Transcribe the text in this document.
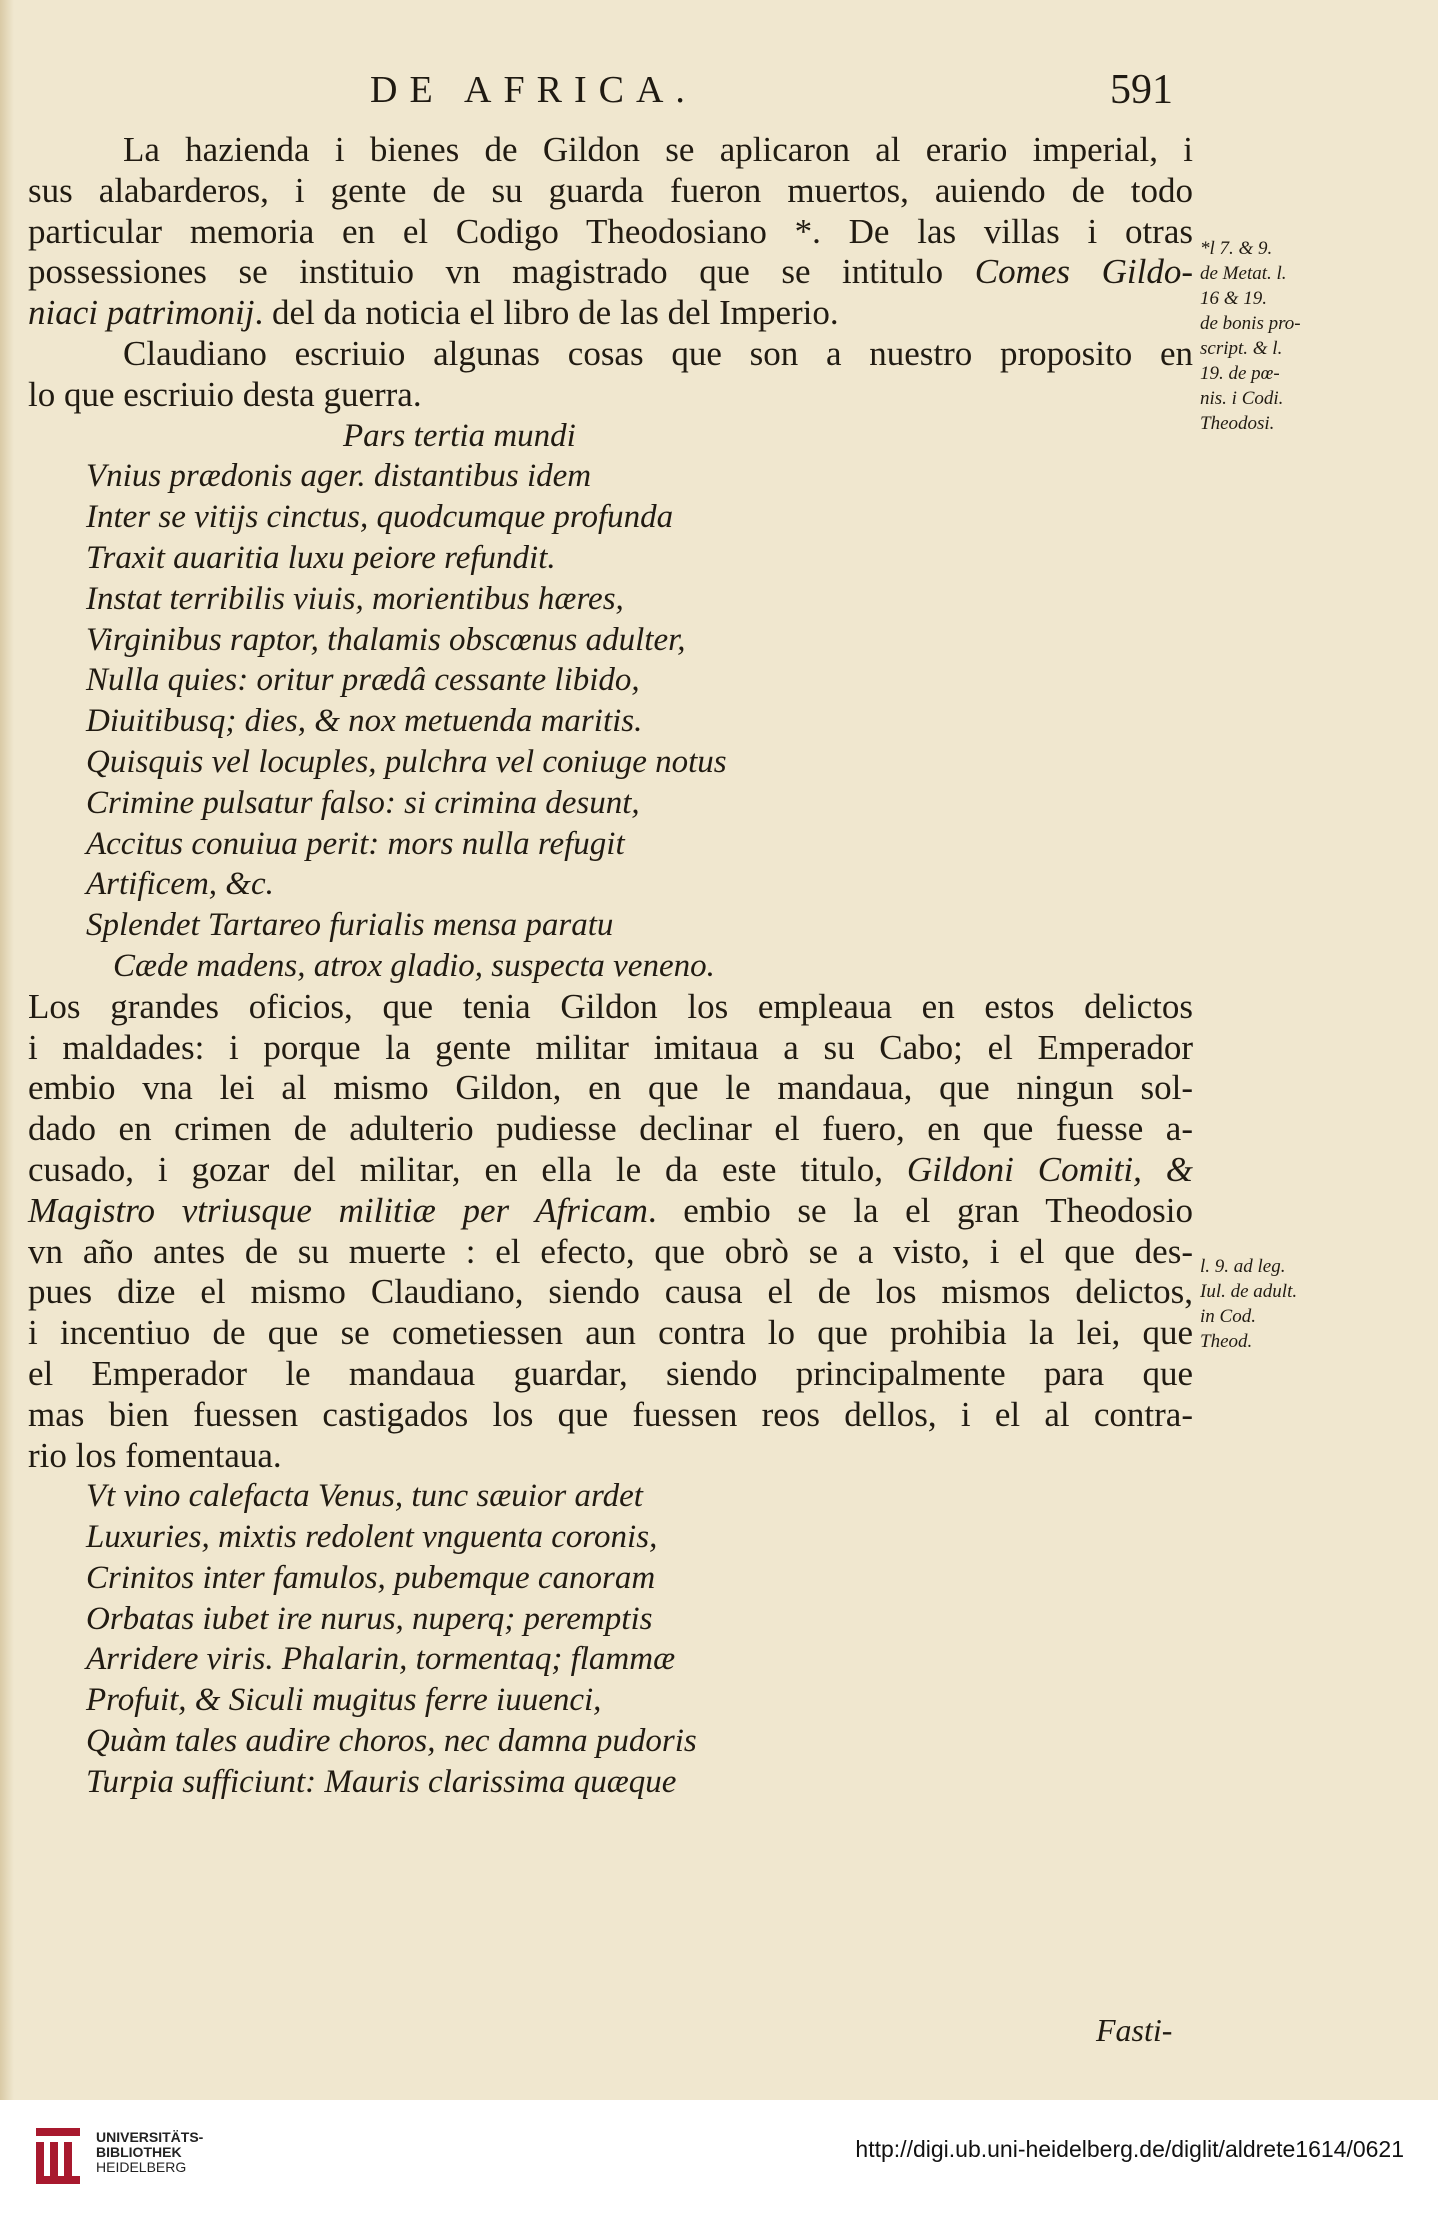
DE AFRICA.	591
La hazienda i bienes de Gildon se aplicaron al erario imperial, i
sus alabarderos, i gente de su guarda fueron muertos, auiendo de todo
particular memoria en el Codigo Theodosiano *. De las villas i otras
possessiones se instituio vn magistrado que se intitulo Comes Gildo-
niaci patrimonij. del da noticia el libro de las del Imperio.
Claudiano escriuio algunas cosas que son a nuestro proposito en
lo que escriuio desta guerra.
Pars tertia mundi
Vnius prædonis ager. distantibus idem
Inter se vitijs cinctus, quodcumque profunda
Traxit auaritia luxu peiore refundit.
Instat terribilis viuis, morientibus hæres,
Virginibus raptor, thalamis obscœnus adulter,
Nulla quies: oritur prædâ cessante libido,
Diuitibusq; dies, & nox metuenda maritis.
Quisquis vel locuples, pulchra vel coniuge notus
Crimine pulsatur falso: si crimina desunt,
Accitus conuiua perit: mors nulla refugit
Artificem, &c.
Splendet Tartareo furialis mensa paratu
Cæde madens, atrox gladio, suspecta veneno.
Los grandes oficios, que tenia Gildon los empleaua en estos delictos
i maldades: i porque la gente militar imitaua a su Cabo; el Emperador
embio vna lei al mismo Gildon, en que le mandaua, que ningun sol-
dado en crimen de adulterio pudiesse declinar el fuero, en que fuesse a-
cusado, i gozar del militar, en ella le da este titulo, Gildoni Comiti, &
Magistro vtriusque militiæ per Africam. embio se la el gran Theodosio
vn año antes de su muerte : el efecto, que obrò se a visto, i el que des-
pues dize el mismo Claudiano, siendo causa el de los mismos delictos,
i incentiuo de que se cometiessen aun contra lo que prohibia la lei, que
el Emperador le mandaua guardar, siendo principalmente para que
mas bien fuessen castigados los que fuessen reos dellos, i el al contra-
rio los fomentaua.
Vt vino calefacta Venus, tunc sæuior ardet
Luxuries, mixtis redolent vnguenta coronis,
Crinitos inter famulos, pubemque canoram
Orbatas iubet ire nurus, nuperq; peremptis
Arridere viris. Phalarin, tormentaq; flammæ
Profuit, & Siculi mugitus ferre iuuenci,
Quàm tales audire choros, nec damna pudoris
Turpia sufficiunt: Mauris clarissima quæque
*l 7. & 9.
de Metat. l.
16 & 19.
de bonis pro-
script. & l.
19. de pœ-
nis. i Codi.
Theodosi.
l. 9. ad leg.
Iul. de adult.
in Cod.
Theod.
Fasti-
UNIVERSITÄTS-
BIBLIOTHEK
HEIDELBERG
http://digi.ub.uni-heidelberg.de/diglit/aldrete1614/0621
